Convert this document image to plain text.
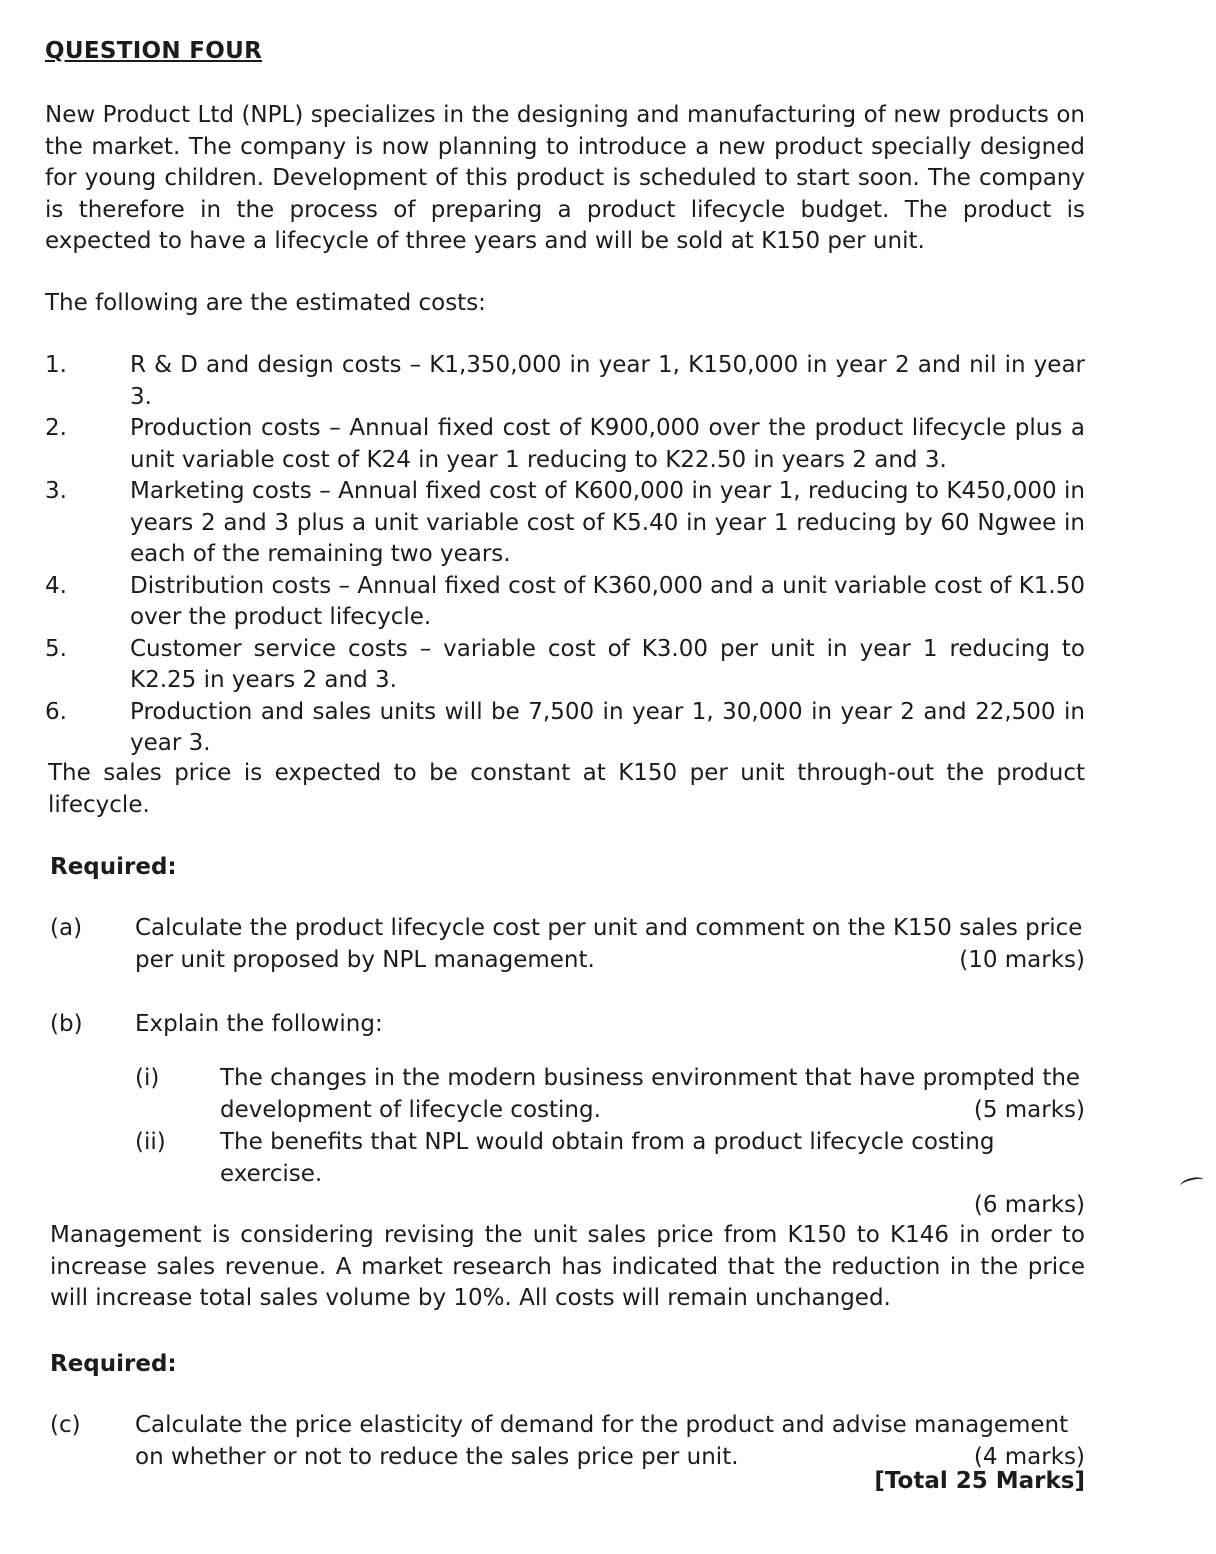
QUESTION FOUR
New Product Ltd (NPL) specializes in the designing and manufacturing of new products on the market. The company is now planning to introduce a new product specially designed for young children. Development of this product is scheduled to start soon. The company is therefore in the process of preparing a product lifecycle budget. The product is expected to have a lifecycle of three years and will be sold at K150 per unit.
The following are the estimated costs:
1.	R & D and design costs – K1,350,000 in year 1, K150,000 in year 2 and nil in year 3.
2.	Production costs – Annual fixed cost of K900,000 over the product lifecycle plus a unit variable cost of K24 in year 1 reducing to K22.50 in years 2 and 3.
3.	Marketing costs – Annual fixed cost of K600,000 in year 1, reducing to K450,000 in years 2 and 3 plus a unit variable cost of K5.40 in year 1 reducing by 60 Ngwee in each of the remaining two years.
4.	Distribution costs – Annual fixed cost of K360,000 and a unit variable cost of K1.50 over the product lifecycle.
5.	Customer service costs – variable cost of K3.00 per unit in year 1 reducing to K2.25 in years 2 and 3.
6.	Production and sales units will be 7,500 in year 1, 30,000 in year 2 and 22,500 in year 3.
The sales price is expected to be constant at K150 per unit through-out the product lifecycle.
Required:
(a)	Calculate the product lifecycle cost per unit and comment on the K150 sales price per unit proposed by NPL management.	(10 marks)
(b)	Explain the following:
(i)	The changes in the modern business environment that have prompted the development of lifecycle costing.	(5 marks)
(ii)	The benefits that NPL would obtain from a product lifecycle costing exercise.
(6 marks)
Management is considering revising the unit sales price from K150 to K146 in order to increase sales revenue. A market research has indicated that the reduction in the price will increase total sales volume by 10%. All costs will remain unchanged.
Required:
(c)	Calculate the price elasticity of demand for the product and advise management on whether or not to reduce the sales price per unit.	(4 marks)
[Total 25 Marks]
